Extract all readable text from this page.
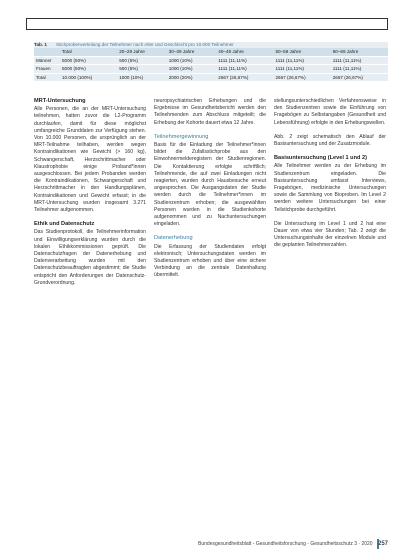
Tab. 1	Stichprobenverteilung der Teilnehmer nach Alter und Geschlecht pro 10.000 Teilnehmer
	Total	20–29 Jahre	30–39 Jahre	40–49 Jahre	50–59 Jahre	60–69 Jahre
Männer	5000 (50%)	500 (5%)	1000 (10%)	1111 (11,11%)	1111 (11,11%)	1111 (11,11%)
Frauen	5000 (50%)	500 (5%)	1000 (10%)	1111 (11,11%)	1111 (11,11%)	1111 (11,11%)
Total	10.000 (100%)	1000 (10%)	2000 (20%)	2667 (26,67%)	2667 (26,67%)	2667 (26,67%)
MRT-Untersuchung

Alle Personen, die an der MRT-Untersuchung teilnehmen, hatten zuvor die L2-Programm durchlaufen, damit für diese möglichst umfangreiche Grunddaten zur Verfügung stehen. Von 10.000 Personen, die ursprünglich an der MRT-Teilnahme teilhaben, werden wegen Kontraindikationen wie Gewicht (> 160 kg), Schwangerschaft, Herzschrittmacher oder Klaustrophobie einige Proband*innen ausgeschlossen. Bei jedem Probanden werden die Kontraindikationen, Schwangerschaft und Herzschrittmacher in den Handlungsplänen, Kontraindikationen und Gewicht erfasst; in die MRT-Untersuchung wurden insgesamt 3.271 Teilnehmer aufgenommen.

Ethik und Datenschutz

Das Studienprotokoll, die Teilnehmerinformation und Einwilligungserklärung wurden durch die lokalen Ethikkommissionen geprüft. Die Datenschutzfragen der Datenerhebung und Datenverarbeitung wurden mit den Datenschutzbeauftragten abgestimmt; die Studie entspricht den Anforderungen der Datenschutz-Grundverordnung.

neuropsychiatrischen Erhebungen und die Ergebnisse im Gesundheitsbericht werden den Teilnehmenden zum Abschluss mitgeteilt; die Erhebung der Kohorte dauert etwa 12 Jahre.

Teilnehmergewinnung

Basis für die Einladung der Teilnehmer*innen bildet die Zufallsstichprobe aus den Einwohnermelderegistern der Studienregionen. Die Kontaktierung erfolgte schriftlich; Teilnehmende, die auf zwei Einladungen nicht reagierten, wurden durch Hausbesuche erneut angesprochen. Die Ausgangsdaten der Studie werden durch die Teilnehmer*innen im Studienzentrum erhoben; die ausgewählten Personen wurden in die Studienkohorte aufgenommen und zu Nachuntersuchungen eingeladen.

Datenerhebung

Die Erfassung der Studiendaten erfolgt elektronisch; Untersuchungsdaten werden im Studienzentrum erhoben und über eine sichere Verbindung an die zentrale Datenhaltung übermittelt.

stellungsunterschiedlichen Verfahrensweise in den Studienzentren sowie die Einführung von Fragebögen zu Selbstangaben (Gesundheit und Lebensführung) erfolgte in den Erhebungswellen.

Abb. 2 zeigt schematisch den Ablauf der Basisuntersuchung und der Zusatzmodule.

Basisuntersuchung (Level 1 und 2)

Alle Teilnehmer werden zu der Erhebung im Studienzentrum eingeladen. Die Basisuntersuchung umfasst Interviews, Fragebögen, medizinische Untersuchungen sowie die Sammlung von Bioproben. Im Level 2 werden weitere Untersuchungen bei einer Teilstichprobe durchgeführt.

Die Untersuchung im Level 1 und 2 hat eine Dauer von etwa vier Stunden; Tab. 2 zeigt die Untersuchungsinhalte der einzelnen Module und die geplanten Teilnehmerzahlen.

Bundesgesundheitsblatt - Gesundheitsforschung - Gesundheitsschutz 3 · 2020 257
